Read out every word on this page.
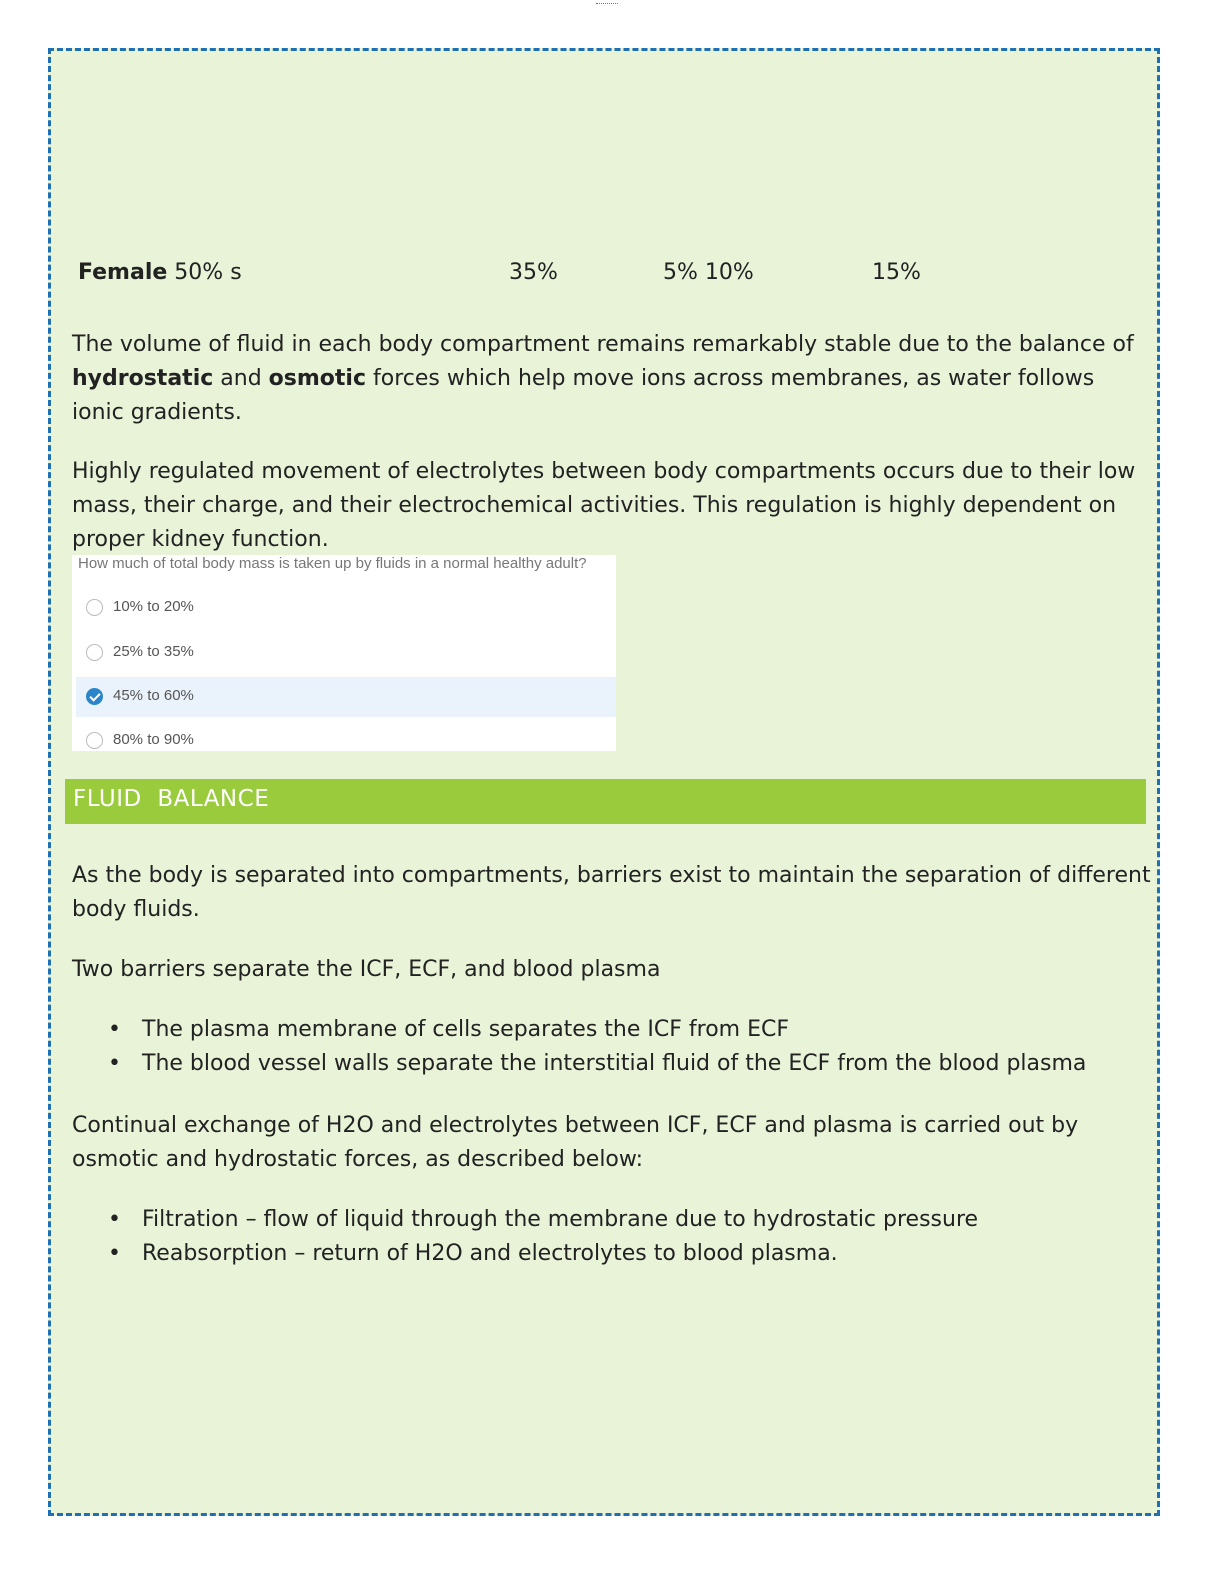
Female 50% s	35%	5% 10%	15%

The volume of fluid in each body compartment remains remarkably stable due to the balance of hydrostatic and osmotic forces which help move ions across membranes, as water follows ionic gradients.

Highly regulated movement of electrolytes between body compartments occurs due to their low mass, their charge, and their electrochemical activities. This regulation is highly dependent on proper kidney function.

How much of total body mass is taken up by fluids in a normal healthy adult?
10% to 20%
25% to 35%
45% to 60%
80% to 90%
FLUID  BALANCE

As the body is separated into compartments, barriers exist to maintain the separation of different body fluids.

Two barriers separate the ICF, ECF, and blood plasma

• The plasma membrane of cells separates the ICF from ECF
• The blood vessel walls separate the interstitial fluid of the ECF from the blood plasma

Continual exchange of H2O and electrolytes between ICF, ECF and plasma is carried out by osmotic and hydrostatic forces, as described below:

• Filtration – flow of liquid through the membrane due to hydrostatic pressure
• Reabsorption – return of H2O and electrolytes to blood plasma.
